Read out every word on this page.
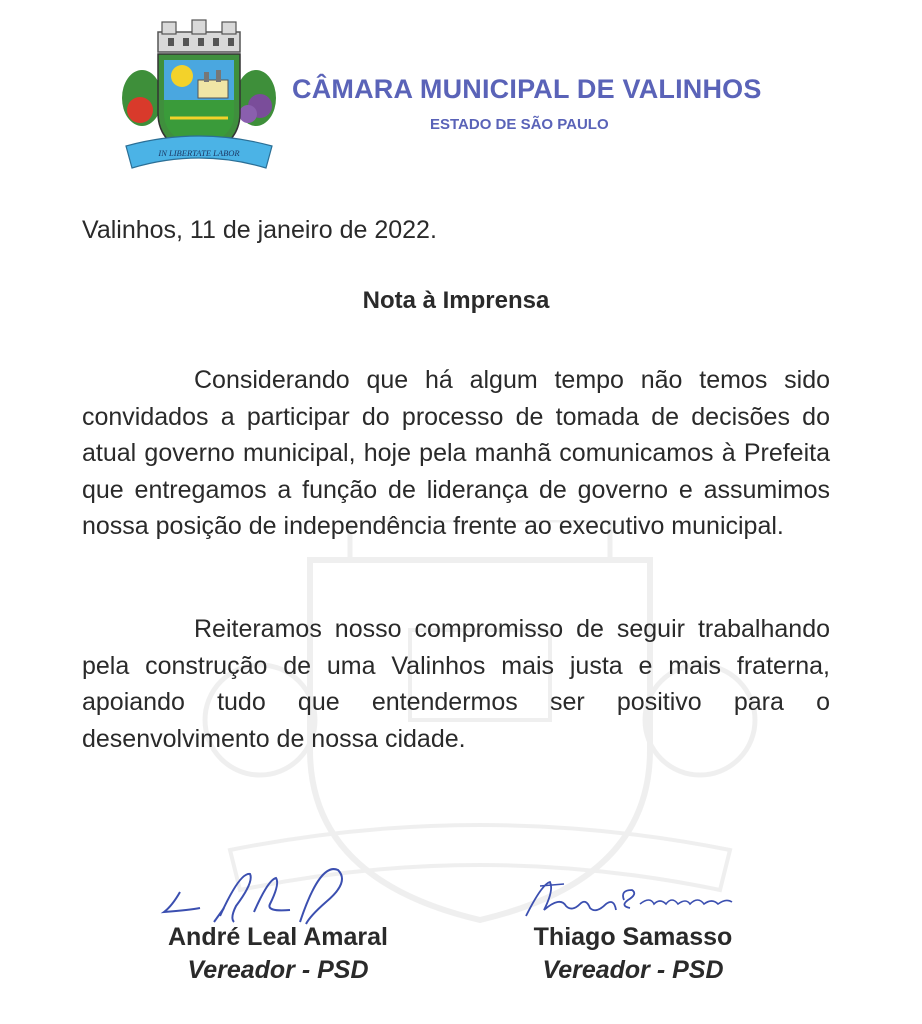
IN LIBERTATE LABOR
CÂMARA MUNICIPAL DE VALINHOS
ESTADO DE SÃO PAULO
Valinhos, 11 de janeiro de 2022.
Nota à Imprensa

Considerando que há algum tempo não temos sido convidados a participar do processo de tomada de decisões do atual governo municipal, hoje pela manhã comunicamos à Prefeita que entregamos a função de liderança de governo e assumimos nossa posição de independência frente ao executivo municipal.

Reiteramos nosso compromisso de seguir trabalhando pela construção de uma Valinhos mais justa e mais fraterna, apoiando tudo que entendermos ser positivo para o desenvolvimento de nossa cidade.

André Leal Amaral
Vereador - PSD
Thiago Samasso
Vereador - PSD
